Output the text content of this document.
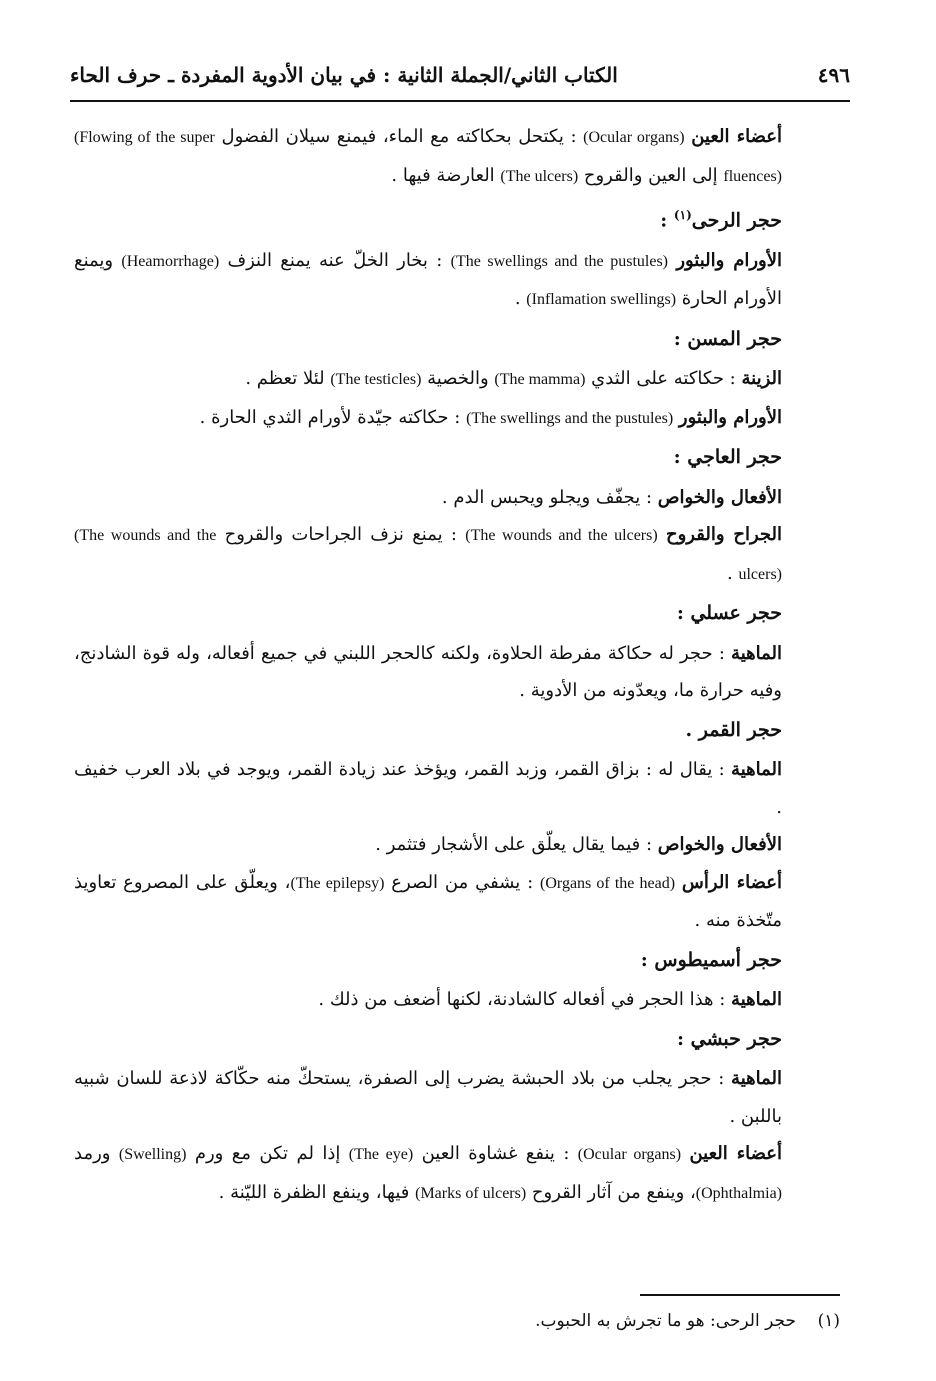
٤٩٦
الكتاب الثاني/الجملة الثانية : في بيان الأدوية المفردة ـ حرف الحاء

أعضاء العين (Ocular organs) : يكتحل بحكاكته مع الماء، فيمنع سيلان الفضول (Flowing of the super fluences) إلى العين والقروح (The ulcers) العارضة فيها .

حجر الرحى$^{(١)}$ :

الأورام والبثور (The swellings and the pustules) : بخار الخلّ عنه يمنع النزف (Heamorrhage) ويمنع الأورام الحارة (Inflamation swellings) .

حجر المسن :

الزينة : حكاكته على الثدي (The mamma) والخصية (The testicles) لئلا تعظم .

الأورام والبثور (The swellings and the pustules) : حكاكته جيّدة لأورام الثدي الحارة .

حجر العاجي :

الأفعال والخواص : يجفّف ويجلو ويحبس الدم .

الجراح والقروح (The wounds and the ulcers) : يمنع نزف الجراحات والقروح (The wounds and the ulcers) .

حجر عسلي :

الماهية : حجر له حكاكة مفرطة الحلاوة، ولكنه كالحجر اللبني في جميع أفعاله، وله قوة الشادنج، وفيه حرارة ما، ويعدّونه من الأدوية .

حجر القمر .

الماهية : يقال له : بزاق القمر، وزبد القمر، ويؤخذ عند زيادة القمر، ويوجد في بلاد العرب خفيف .

الأفعال والخواص : فيما يقال يعلّق على الأشجار فتثمر .

أعضاء الرأس (Organs of the head) : يشفي من الصرع (The epilepsy)، ويعلّق على المصروع تعاويذ متّخذة منه .

حجر أسميطوس :

الماهية : هذا الحجر في أفعاله كالشادنة، لكنها أضعف من ذلك .

حجر حبشي :

الماهية : حجر يجلب من بلاد الحبشة يضرب إلى الصفرة، يستحكّ منه حكّاكة لاذعة للسان شبيه باللبن .

أعضاء العين (Ocular organs) : ينفع غشاوة العين (The eye) إذا لم تكن مع ورم (Swelling) ورمد (Ophthalmia)، وينفع من آثار القروح (Marks of ulcers) فيها، وينفع الظفرة الليّنة .

(١)    حجر الرحى: هو ما تجرش به الحبوب.
